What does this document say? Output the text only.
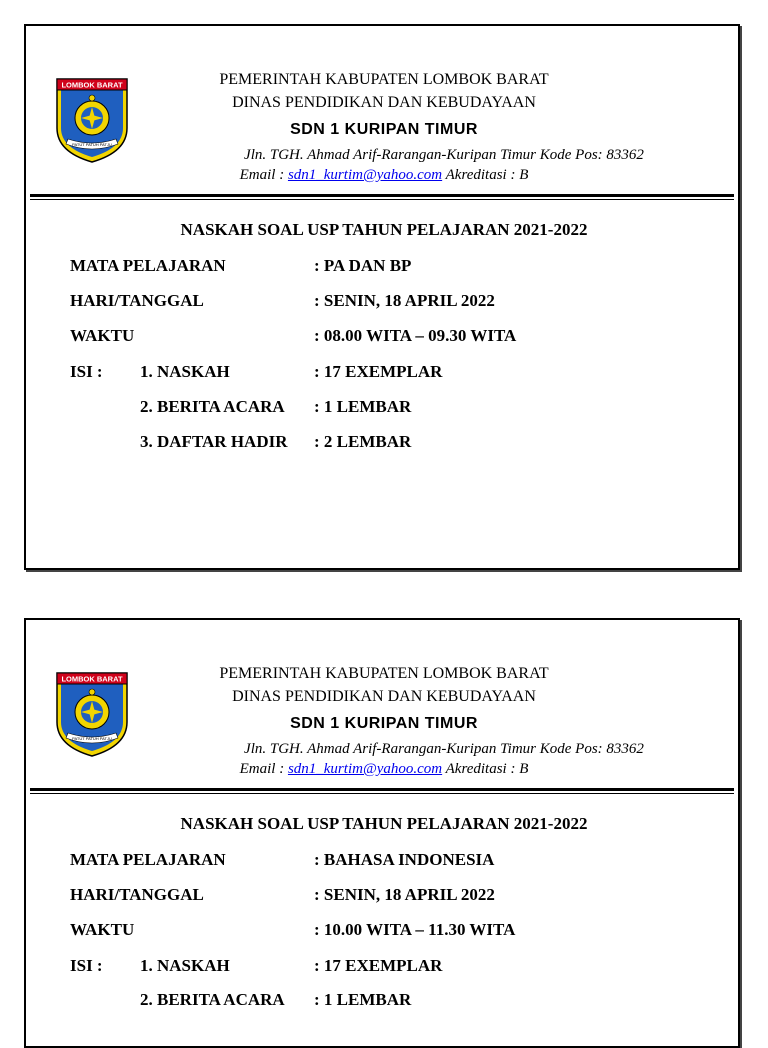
LOMBOK BARAT
PATUT PATUH PATJU
PEMERINTAH KABUPATEN LOMBOK BARAT
DINAS PENDIDIKAN DAN KEBUDAYAAN
SDN 1 KURIPAN TIMUR
Jln. TGH. Ahmad Arif-Rarangan-Kuripan Timur Kode Pos: 83362
Email : sdn1_kurtim@yahoo.com Akreditasi : B
NASKAH SOAL USP TAHUN PELAJARAN 2021-2022
MATA PELAJARAN	: PA DAN BP
HARI/TANGGAL	: SENIN, 18 APRIL 2022
WAKTU	: 08.00 WITA – 09.30 WITA
ISI : 1. NASKAH	: 17 EXEMPLAR
2. BERITA ACARA : 1 LEMBAR
3. DAFTAR HADIR : 2 LEMBAR
LOMBOK BARAT
PATUT PATUH PATJU
PEMERINTAH KABUPATEN LOMBOK BARAT
DINAS PENDIDIKAN DAN KEBUDAYAAN
SDN 1 KURIPAN TIMUR
Jln. TGH. Ahmad Arif-Rarangan-Kuripan Timur Kode Pos: 83362
Email : sdn1_kurtim@yahoo.com Akreditasi : B
NASKAH SOAL USP TAHUN PELAJARAN 2021-2022
MATA PELAJARAN	: BAHASA INDONESIA
HARI/TANGGAL	: SENIN, 18 APRIL 2022
WAKTU	: 10.00 WITA – 11.30 WITA
ISI : 1. NASKAH	: 17 EXEMPLAR
2. BERITA ACARA : 1 LEMBAR
